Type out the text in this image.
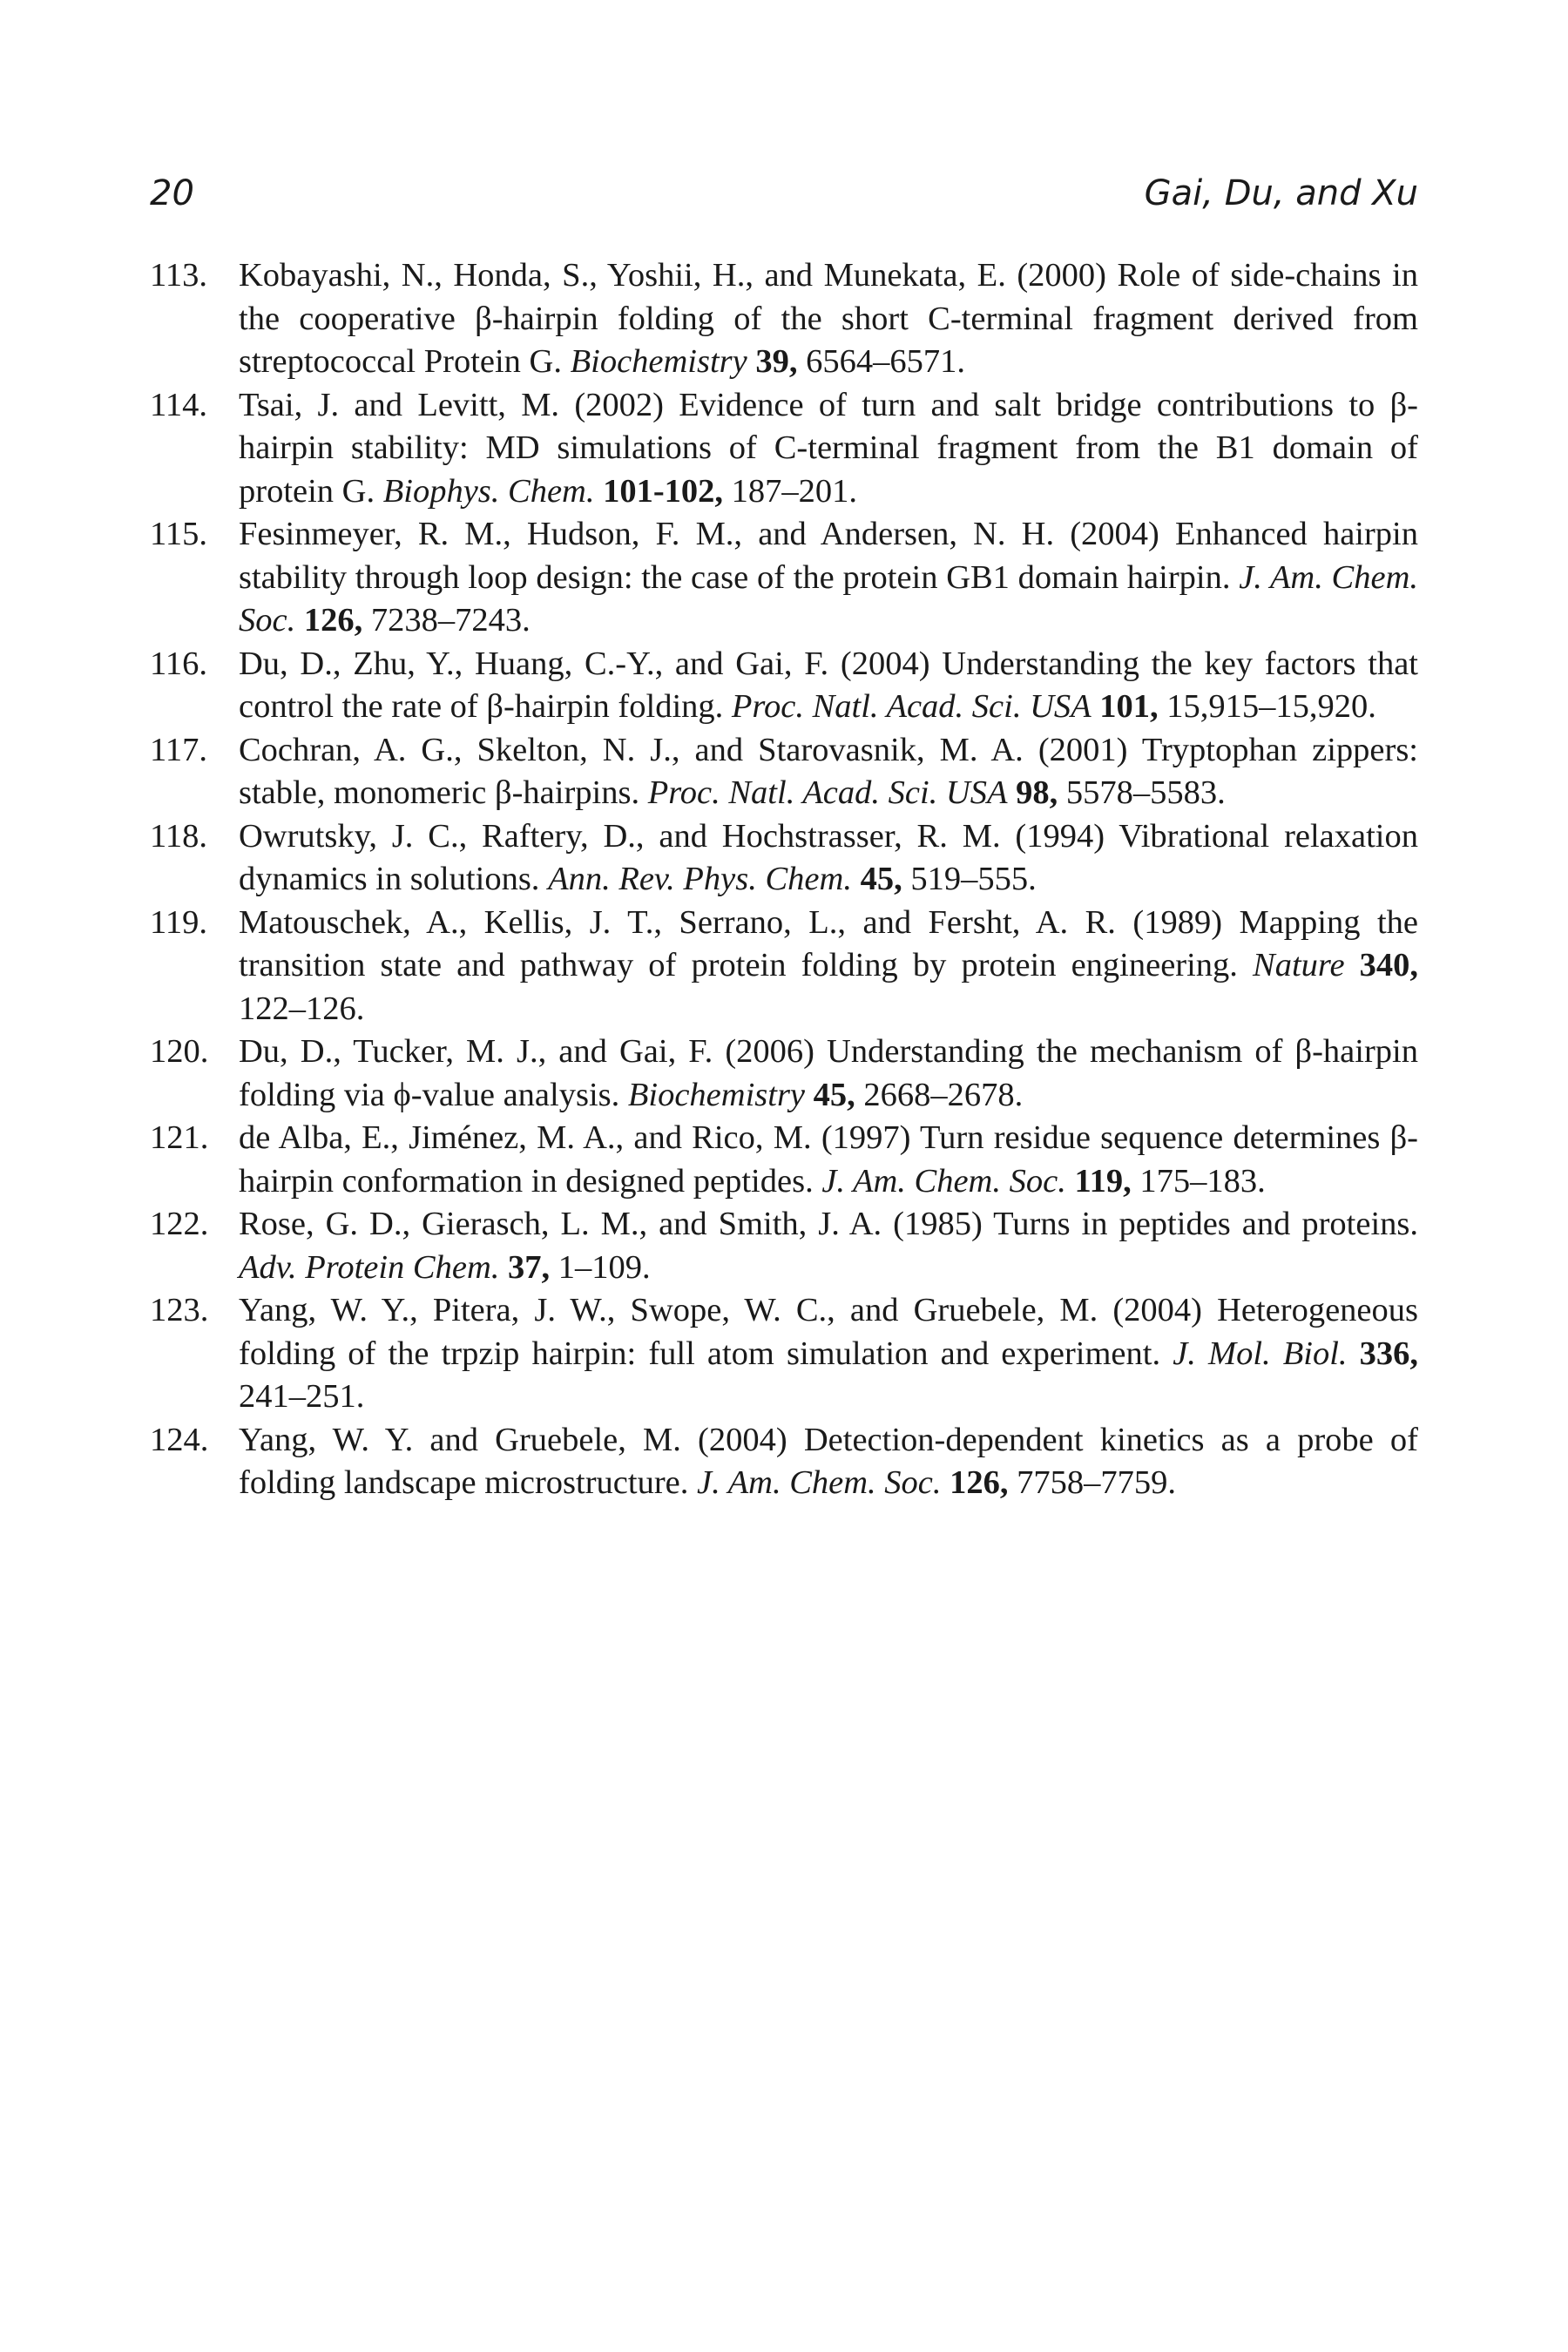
20	Gai, Du, and Xu
113. Kobayashi, N., Honda, S., Yoshii, H., and Munekata, E. (2000) Role of side-chains in the cooperative β-hairpin folding of the short C-terminal fragment derived from streptococcal Protein G. Biochemistry 39, 6564–6571.
114. Tsai, J. and Levitt, M. (2002) Evidence of turn and salt bridge contributions to β-hairpin stability: MD simulations of C-terminal fragment from the B1 domain of protein G. Biophys. Chem. 101-102, 187–201.
115. Fesinmeyer, R. M., Hudson, F. M., and Andersen, N. H. (2004) Enhanced hairpin stability through loop design: the case of the protein GB1 domain hairpin. J. Am. Chem. Soc. 126, 7238–7243.
116. Du, D., Zhu, Y., Huang, C.-Y., and Gai, F. (2004) Understanding the key factors that control the rate of β-hairpin folding. Proc. Natl. Acad. Sci. USA 101, 15,915–15,920.
117. Cochran, A. G., Skelton, N. J., and Starovasnik, M. A. (2001) Tryptophan zippers: stable, monomeric β-hairpins. Proc. Natl. Acad. Sci. USA 98, 5578–5583.
118. Owrutsky, J. C., Raftery, D., and Hochstrasser, R. M. (1994) Vibrational relaxation dynamics in solutions. Ann. Rev. Phys. Chem. 45, 519–555.
119. Matouschek, A., Kellis, J. T., Serrano, L., and Fersht, A. R. (1989) Mapping the transition state and pathway of protein folding by protein engineering. Nature 340, 122–126.
120. Du, D., Tucker, M. J., and Gai, F. (2006) Understanding the mechanism of β-hairpin folding via ϕ-value analysis. Biochemistry 45, 2668–2678.
121. de Alba, E., Jiménez, M. A., and Rico, M. (1997) Turn residue sequence determines β-hairpin conformation in designed peptides. J. Am. Chem. Soc. 119, 175–183.
122. Rose, G. D., Gierasch, L. M., and Smith, J. A. (1985) Turns in peptides and proteins. Adv. Protein Chem. 37, 1–109.
123. Yang, W. Y., Pitera, J. W., Swope, W. C., and Gruebele, M. (2004) Heterogeneous folding of the trpzip hairpin: full atom simulation and experiment. J. Mol. Biol. 336, 241–251.
124. Yang, W. Y. and Gruebele, M. (2004) Detection-dependent kinetics as a probe of folding landscape microstructure. J. Am. Chem. Soc. 126, 7758–7759.
